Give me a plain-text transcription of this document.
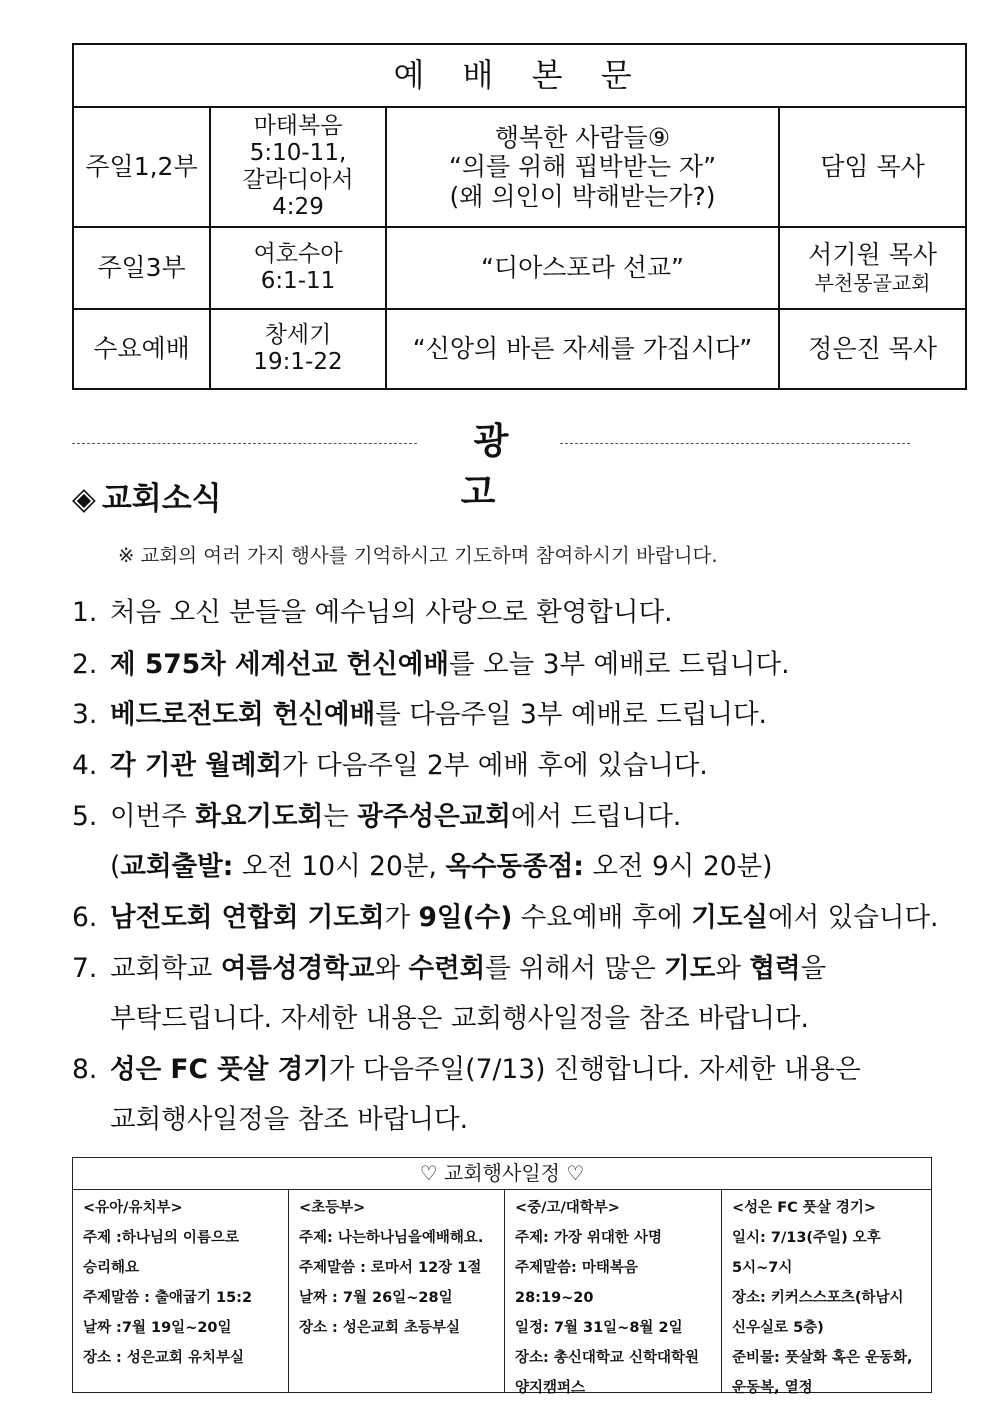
예 배 본 문			
주일1,2부	마태복음
5:10-11,
갈라디아서
4:29	행복한 사람들⑨
“의를 위해 핍박받는 자”
(왜 의인이 박해받는가?)	담임 목사
주일3부	여호수아
6:1-11	“디아스포라 선교”	서기원 목사
부천몽골교회

수요예배	창세기
19:1-22	“신앙의 바른 자세를 가집시다”	정은진 목사
광고
◈ 교회소식
※ 교회의 여러 가지 행사를 기억하시고 기도하며 참여하시기 바랍니다.
1. 처음 오신 분들을 예수님의 사랑으로 환영합니다.
2. 제 575차 세계선교 헌신예배를 오늘 3부 예배로 드립니다.
3. 베드로전도회 헌신예배를 다음주일 3부 예배로 드립니다.
4. 각 기관 월례회가 다음주일 2부 예배 후에 있습니다.
5. 이번주 화요기도회는 광주성은교회에서 드립니다.
(교회출발: 오전 10시 20분, 옥수동종점: 오전 9시 20분)
6. 남전도회 연합회 기도회가 9일(수) 수요예배 후에 기도실에서 있습니다.
7. 교회학교 여름성경학교와 수련회를 위해서 많은 기도와 협력을
부탁드립니다. 자세한 내용은 교회행사일정을 참조 바랍니다.
8. 성은 FC 풋살 경기가 다음주일(7/13) 진행합니다. 자세한 내용은
교회행사일정을 참조 바랍니다.
♡ 교회행사일정 ♡
<유아/유치부>
주제 :하나님의 이름으로
승리해요
주제말씀 : 출애굽기 15:2
날짜 :7월 19일~20일
장소 : 성은교회 유치부실
<초등부>
주제: 나는하나님을예배해요.
주제말씀 : 로마서 12장 1절
날짜 : 7월 26일~28일
장소 : 성은교회 초등부실
<중/고/대학부>
주제: 가장 위대한 사명
주제말씀: 마태복음
28:19~20
일정: 7월 31일~8월 2일
장소: 총신대학교 신학대학원
양지캠퍼스
<성은 FC 풋살 경기>
일시: 7/13(주일) 오후
5시~7시
장소: 키커스스포츠(하남시
신우실로 5층)
준비물: 풋살화 혹은 운동화,
운동복, 열정
